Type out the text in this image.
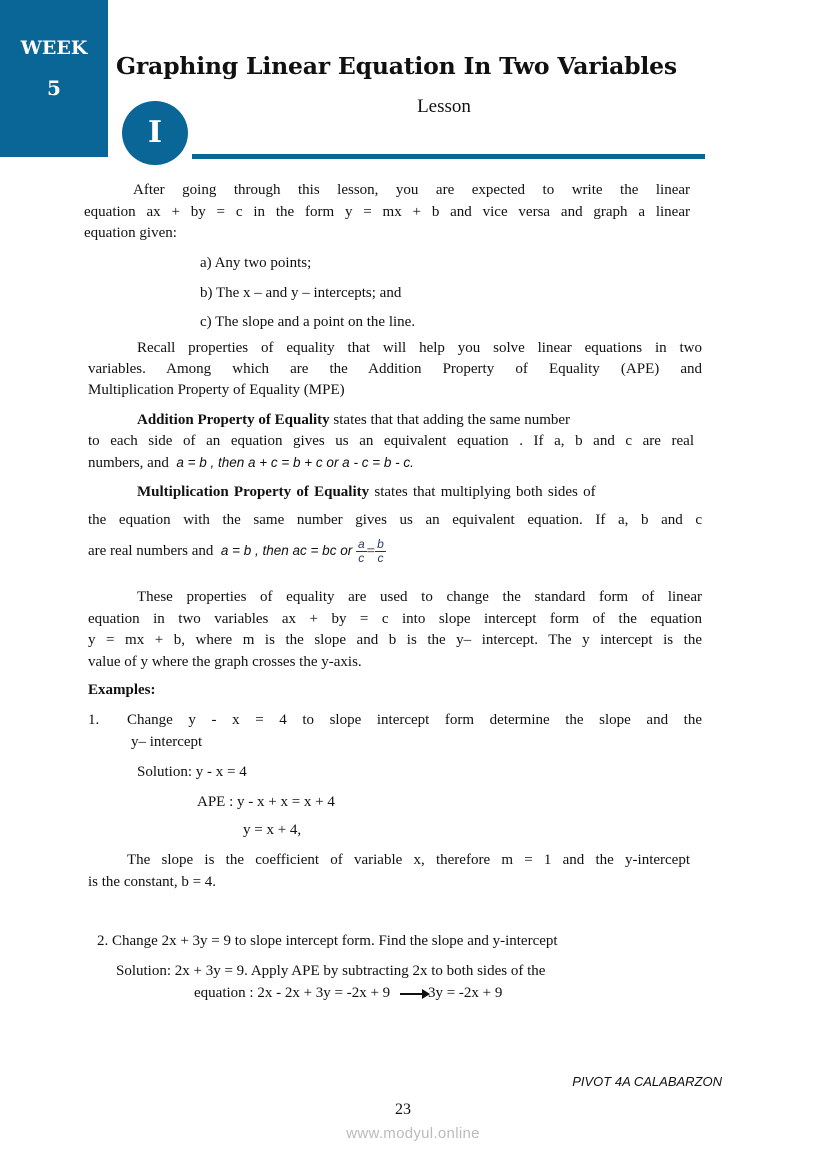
WEEK
5
Graphing Linear Equation In Two Variables
Lesson
I
After going through this lesson, you are expected to write the linear
equation ax + by = c in the form y = mx + b and vice versa and graph a linear
equation given:
a) Any two points;
b) The x – and y – intercepts; and
c) The slope and a point on the line.
Recall properties of equality that will help you solve linear equations in two
variables. Among which are the Addition Property of Equality (APE) and
Multiplication Property of Equality (MPE)
Addition Property of Equality states that that adding the same number
to each side of an equation gives us an equivalent equation . If a, b and c are real
numbers, and  a = b , then a + c = b + c or a - c = b - c.
Multiplication Property of Equality states that multiplying both sides of
the equation with the same number gives us an equivalent equation. If a, b and c
are real numbers and  a = b , then ac = bc or $\frac{a}{c} = \frac{b}{c}$
These properties of equality are used to change the standard form of linear
equation in two variables ax + by = c into slope intercept form of the equation
y = mx + b, where m is the slope and b is the y– intercept. The y intercept is the
value of y where the graph crosses the y-axis.
Examples:
1. Change y - x = 4 to slope intercept form determine the slope and the
y– intercept
Solution: y - x = 4
APE : y - x + x = x + 4
y = x + 4,
The slope is the coefficient of variable x, therefore m = 1 and the y-intercept
is the constant, b = 4.
2. Change 2x + 3y = 9 to slope intercept form. Find the slope and y-intercept
Solution: 2x + 3y = 9. Apply APE by subtracting 2x to both sides of the
equation : 2x - 2x + 3y = -2x + 9 3y = -2x + 9
PIVOT 4A CALABARZON
23
www.modyul.online
